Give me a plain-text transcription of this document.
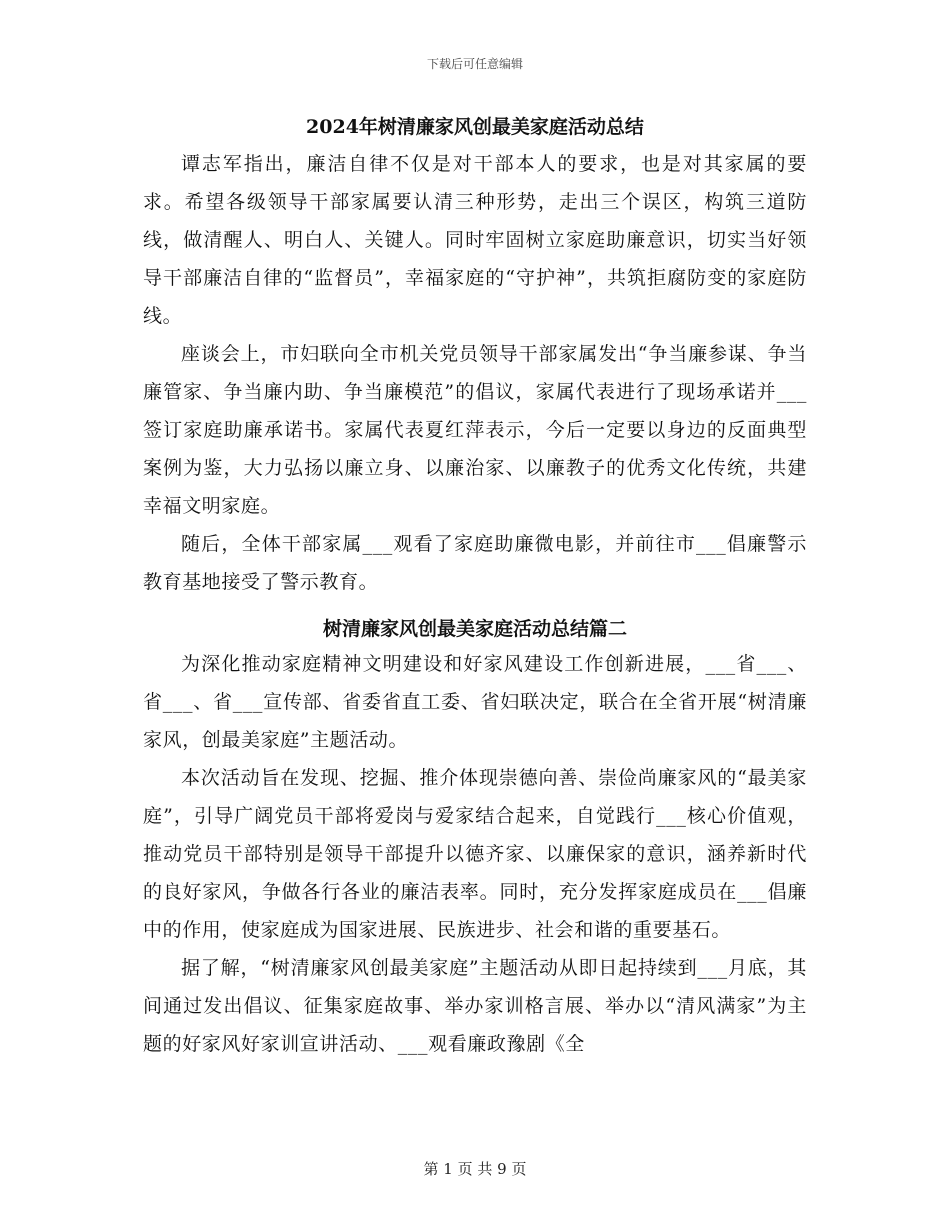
下载后可任意编辑
2024年树清廉家风创最美家庭活动总结

谭志军指出，廉洁自律不仅是对干部本人的要求，也是对其家属的要求。希望各级领导干部家属要认清三种形势，走出三个误区，构筑三道防线，做清醒人、明白人、关键人。同时牢固树立家庭助廉意识，切实当好领导干部廉洁自律的“监督员”，幸福家庭的“守护神”，共筑拒腐防变的家庭防线。

座谈会上，市妇联向全市机关党员领导干部家属发出“争当廉参谋、争当廉管家、争当廉内助、争当廉模范”的倡议，家属代表进行了现场承诺并___签订家庭助廉承诺书。家属代表夏红萍表示，今后一定要以身边的反面典型案例为鉴，大力弘扬以廉立身、以廉治家、以廉教子的优秀文化传统，共建幸福文明家庭。

随后，全体干部家属___观看了家庭助廉微电影，并前往市___倡廉警示教育基地接受了警示教育。

树清廉家风创最美家庭活动总结篇二

为深化推动家庭精神文明建设和好家风建设工作创新进展，___省___、省___、省___宣传部、省委省直工委、省妇联决定，联合在全省开展“树清廉家风，创最美家庭”主题活动。

本次活动旨在发现、挖掘、推介体现崇德向善、崇俭尚廉家风的“最美家庭”，引导广阔党员干部将爱岗与爱家结合起来，自觉践行___核心价值观，推动党员干部特别是领导干部提升以德齐家、以廉保家的意识，涵养新时代的良好家风，争做各行各业的廉洁表率。同时，充分发挥家庭成员在___倡廉中的作用，使家庭成为国家进展、民族进步、社会和谐的重要基石。

据了解，“树清廉家风创最美家庭”主题活动从即日起持续到___月底，其间通过发出倡议、征集家庭故事、举办家训格言展、举办以“清风满家”为主题的好家风好家训宣讲活动、___观看廉政豫剧《全

第 1 页 共 9 页
